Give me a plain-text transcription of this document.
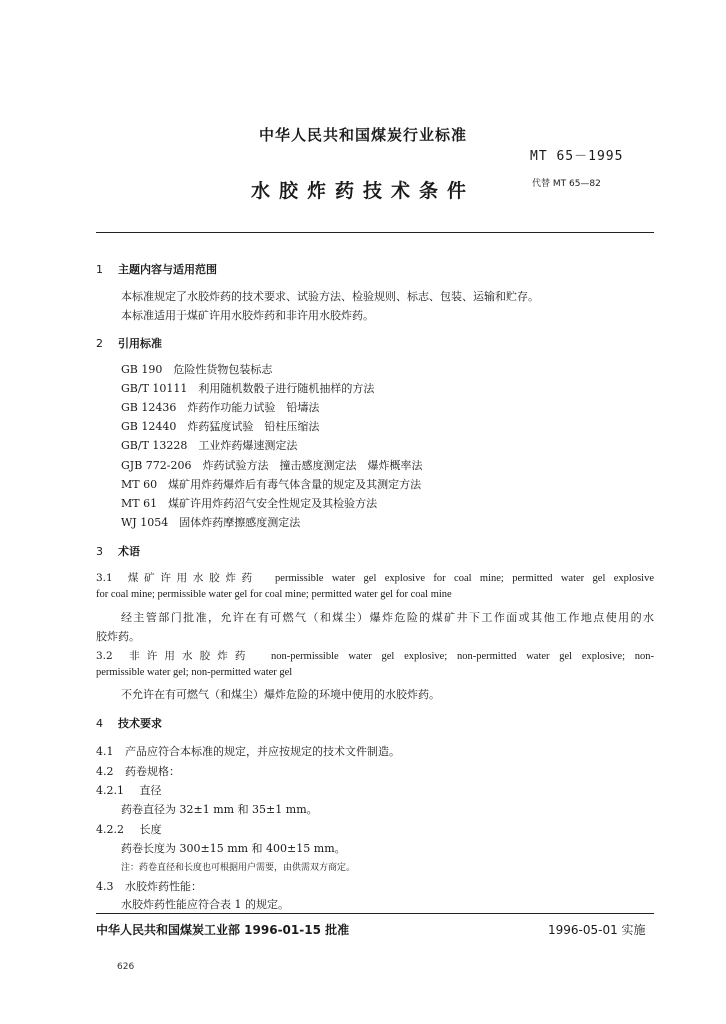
中华人民共和国煤炭行业标准
MT 65－1995
水胶炸药技术条件	代替 MT 65—82
1 主题内容与适用范围
本标准规定了水胶炸药的技术要求、试验方法、检验规则、标志、包装、运输和贮存。
本标准适用于煤矿许用水胶炸药和非许用水胶炸药。
2 引用标准
GB 190　危险性货物包装标志
GB/T 10111　利用随机数骰子进行随机抽样的方法
GB 12436　炸药作功能力试验　铅壔法
GB 12440　炸药猛度试验　铅柱压缩法
GB/T 13228　工业炸药爆速测定法
GJB 772-206　炸药试验方法　撞击感度测定法　爆炸概率法
MT 60　煤矿用炸药爆炸后有毒气体含量的规定及其测定方法
MT 61　煤矿许用炸药沼气安全性规定及其检验方法
WJ 1054　固体炸药摩擦感度测定法
3 术语
3.1 煤矿许用水胶炸药 permissible water gel explosive for coal mine; permitted water gel explosive
for coal mine; permissible water gel for coal mine; permitted water gel for coal mine
经主管部门批准，允许在有可燃气（和煤尘）爆炸危险的煤矿井下工作面或其他工作地点使用的水
胶炸药。
3.2 非许用水胶炸药 non-permissible water gel explosive; non-permitted water gel explosive; non-
permissible water gel; non-permitted water gel
不允许在有可燃气（和煤尘）爆炸危险的环境中使用的水胶炸药。
4 技术要求
4.1 产品应符合本标准的规定，并应按规定的技术文件制造。
4.2 药卷规格：
4.2.1 直径
药卷直径为 32±1 mm 和 35±1 mm。
4.2.2 长度
药卷长度为 300±15 mm 和 400±15 mm。
注：药卷直径和长度也可根据用户需要，由供需双方商定。
4.3 水胶炸药性能：
水胶炸药性能应符合表 1 的规定。
中华人民共和国煤炭工业部 1996-01-15 批准	1996-05-01 实施
626
